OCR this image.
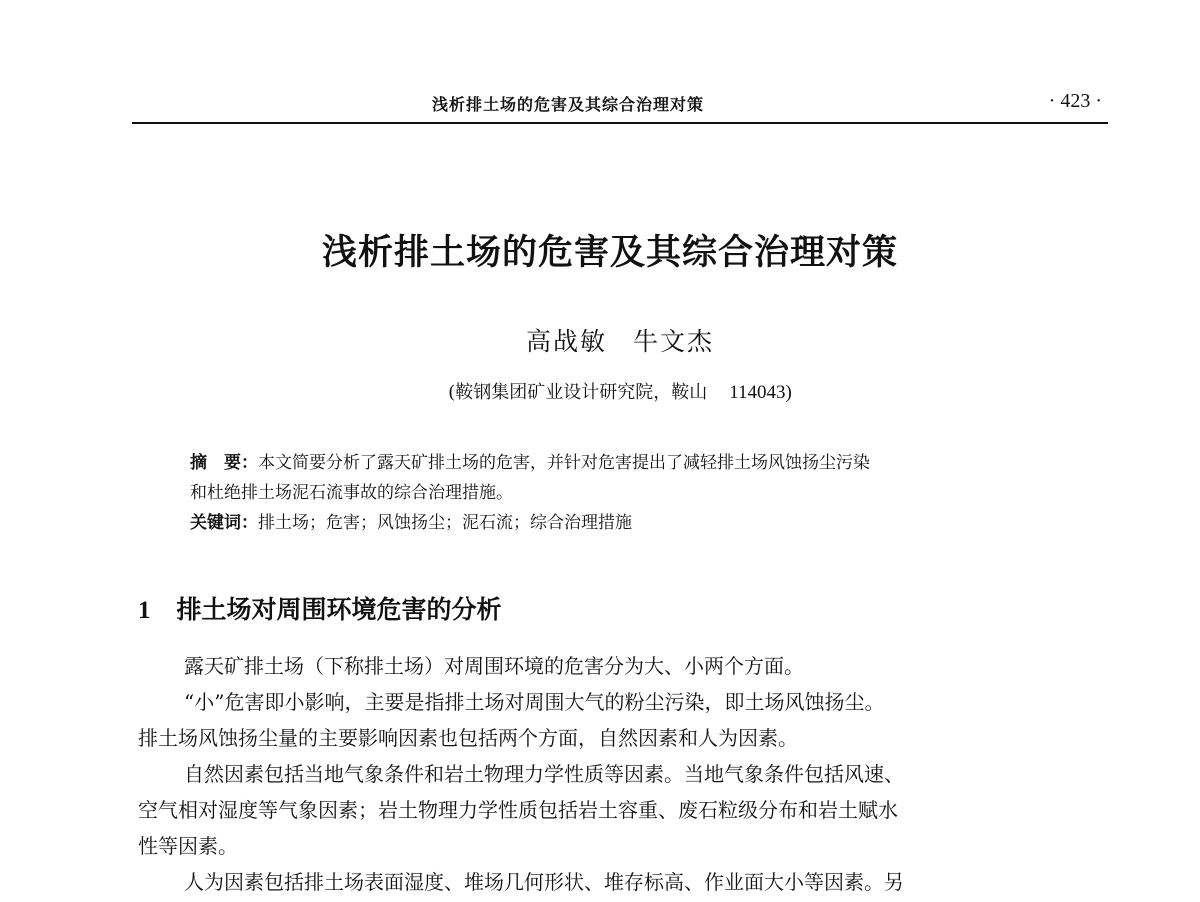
浅析排土场的危害及其综合治理对策	· 423 ·
浅析排土场的危害及其综合治理对策
高战敏 牛文杰
(鞍钢集团矿业设计研究院，鞍山 114043)
摘　要：本文简要分析了露天矿排土场的危害，并针对危害提出了减轻排土场风蚀扬尘污染
和杜绝排土场泥石流事故的综合治理措施。
关键词：排土场；危害；风蚀扬尘；泥石流；综合治理措施
1 排土场对周围环境危害的分析
露天矿排土场（下称排土场）对周围环境的危害分为大、小两个方面。
“小”危害即小影响，主要是指排土场对周围大气的粉尘污染，即土场风蚀扬尘。
排土场风蚀扬尘量的主要影响因素也包括两个方面，自然因素和人为因素。
自然因素包括当地气象条件和岩土物理力学性质等因素。当地气象条件包括风速、
空气相对湿度等气象因素；岩土物理力学性质包括岩土容重、废石粒级分布和岩土赋水
性等因素。
人为因素包括排土场表面湿度、堆场几何形状、堆存标高、作业面大小等因素。另
